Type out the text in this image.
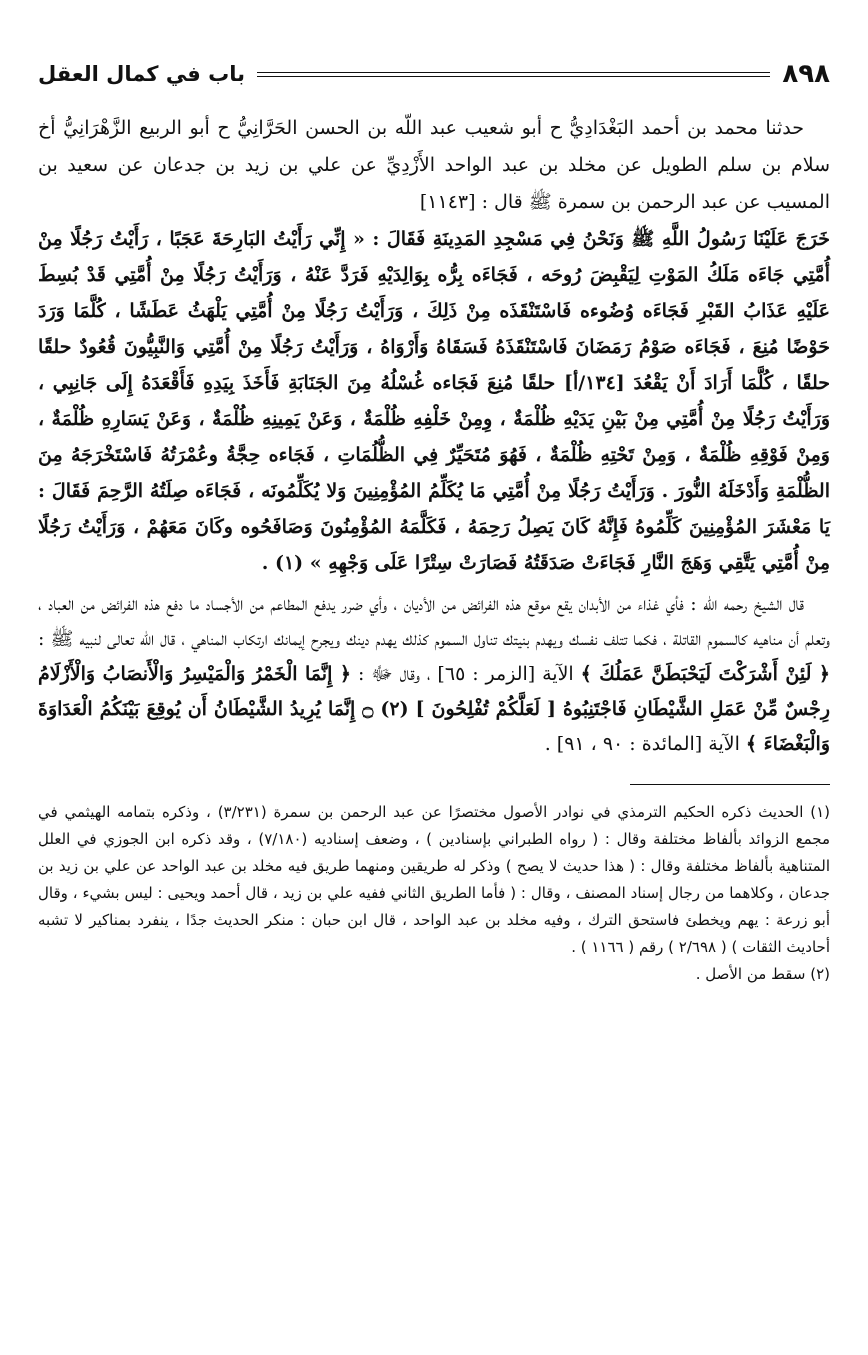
باب في كمال العقل	٨٩٨

حدثنا محمد بن أحمد البَغْدَادِيُّ ح أبو شعيب عبد اللّه بن الحسن الحَرَّانِيُّ ح أبو الربيع الزَّهْرَانِيُّ أخ سلام بن سلم الطويل عن مخلد بن عبد الواحد الأَزْدِيِّ عن علي بن زيد بن جدعان عن سعيد بن المسيب عن عبد الرحمن بن سمرة ﷺ قال : [١١٤٣]

خَرَجَ عَلَيْنَا رَسُولُ اللَّهِ ﷺ وَنَحْنُ فِي مَسْجِدِ المَدِينَةِ فَقَالَ : « إِنِّي رَأَيْتُ البَارِحَةَ عَجَبًا ، رَأَيْتُ رَجُلًا مِنْ أُمَّتِي جَاءَه مَلَكُ المَوْتِ لِيَقْبِضَ رُوحَه ، فَجَاءَه بِرُّه بِوَالِدَيْهِ فَرَدَّ عَنْهُ ، وَرَأَيْتُ رَجُلًا مِنْ أُمَّتِي قَدْ بُسِطَ عَلَيْهِ عَذَابُ القَبْرِ فَجَاءَه وُضُوءه فَاسْتَنْقَذَه مِنْ ذَلِكَ ، وَرَأَيْتُ رَجُلًا مِنْ أُمَّتِي يَلْهَثُ عَطَشًا ، كُلَّمَا وَرَدَ حَوْضًا مُنِعَ ، فَجَاءَه صَوْمُ رَمَضَانَ فَاسْتَنْقَذَهُ فَسَقَاهُ وَأَرْوَاهُ ، وَرَأَيْتُ رَجُلًا مِنْ أُمَّتِي وَالنَّبِيُّونَ قُعُودٌ حلقًا حلقًا ، كُلَّمَا أَرَادَ أَنْ يَقْعُدَ [١٣٤/أ] حلقًا مُنِعَ فَجَاءه غُسْلُهُ مِنَ الجَنَابَةِ فَأَخَذَ بِيَدِهِ فَأَقْعَدَهُ إِلَى جَانِبِي ، وَرَأَيْتُ رَجُلًا مِنْ أُمَّتِي مِنْ بَيْنِ يَدَيْهِ ظُلْمَةٌ ، وِمِنْ خَلْفِهِ ظُلْمَةٌ ، وَعَنْ يَمِينِهِ ظُلْمَةٌ ، وَعَنْ يَسَارِهِ ظُلْمَةٌ ، وَمِنْ فَوْقِهِ ظُلْمَةٌ ، وَمِنْ تَحْتِهِ ظُلْمَةٌ ، فَهُوَ مُتَحَيِّرٌ فِي الظُّلُمَاتِ ، فَجَاءه حِجَّةُ وعُمْرَتُهُ فَاسْتَخْرَجَهُ مِنَ الظُّلْمَةِ وَأَدْخَلَهُ النُّورَ . وَرَأَيْتُ رَجُلًا مِنْ أُمَّتِي مَا يُكَلِّمُ المُؤْمِنِينَ وَلا يُكَلِّمُونَه ، فَجَاءَه صِلَتُهُ الرَّحِمَ فَقَالَ : يَا مَعْشَرَ المُؤْمِنِينَ كَلِّمُوهُ فَإِنَّهُ كَانَ يَصِلُ رَحِمَهُ ، فَكَلَّمَهُ المُؤْمِنُونَ وَصَافَحُوه وكَانَ مَعَهُمْ ، وَرَأَيْتُ رَجُلًا مِنْ أُمَّتِي يَتَّقِي وَهَجَ النَّارِ فَجَاءَتْ صَدَقَتُهُ فَصَارَتْ سِتْرًا عَلَى وَجْهِهِ » (١) .

قال الشيخ رحمه الله : فأي غذاء من الأبدان يقع موقع هذه الفرائض من الأديان ، وأي ضرر يدفع المطاعم من الأجساد ما دفع هذه الفرائض من العباد ، وتعلم أن مناهيه كالسموم القاتلة ، فكما تتلف نفسك ويهدم بنيتك تناول السموم كذلك يهدم دينك ويجرح إيمانك ارتكاب المناهي ، قال اللّه تعالى لنبيه ﷺ : ﴿ لَئِنْ أَشْرَكْتَ لَيَحْبَطَنَّ عَمَلُكَ ﴾ الآية [الزمر : ٦٥] ، وقال ﷻ : ﴿ إِنَّمَا الْخَمْرُ وَالْمَيْسِرُ وَالْأَنصَابُ وَالْأَزْلَامُ رِجْسٌ مِّنْ عَمَلِ الشَّيْطَانِ فَاجْتَنِبُوهُ [ لَعَلَّكُمْ تُفْلِحُونَ ] (٢) ۝ إِنَّمَا يُرِيدُ الشَّيْطَانُ أَن يُوقِعَ بَيْنَكُمُ الْعَدَاوَةَ وَالْبَغْضَاءَ ﴾ الآية [المائدة : ٩٠ ، ٩١] .

(١) الحديث ذكره الحكيم الترمذي في نوادر الأصول مختصرًا عن عبد الرحمن بن سمرة (٣/٢٣١) ، وذكره بتمامه الهيثمي في مجمع الزوائد بألفاظ مختلفة وقال : ( رواه الطبراني بإسنادين ) ، وضعف إسناديه (٧/١٨٠) ، وقد ذكره ابن الجوزي في العلل المتناهية بألفاظ مختلفة وقال : ( هذا حديث لا يصح ) وذكر له طريقين ومنهما طريق فيه مخلد بن عبد الواحد عن علي بن زيد بن جدعان ، وكلاهما من رجال إسناد المصنف ، وقال : ( فأما الطريق الثاني ففيه علي بن زيد ، قال أحمد ويحيى : ليس بشيء ، وقال أبو زرعة : يهم ويخطئ فاستحق الترك ، وفيه مخلد بن عبد الواحد ، قال ابن حبان : منكر الحديث جدًا ، ينفرد بمناكير لا تشبه أحاديث الثقات ) ( ٢/٦٩٨ ) رقم ( ١١٦٦ ) .

(٢) سقط من الأصل .
